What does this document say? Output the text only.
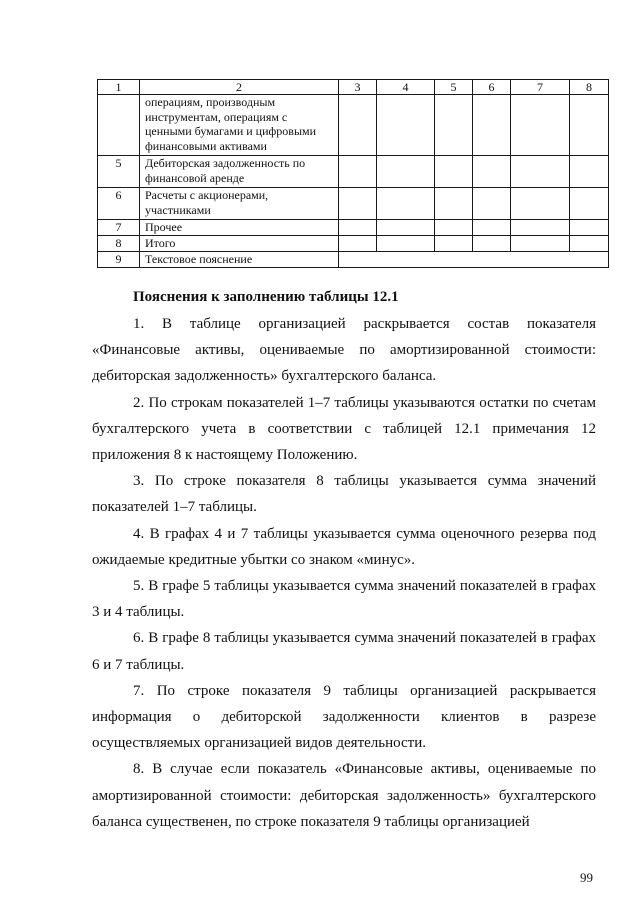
1	2	3	4	5	6	7	8
	операциям, производным инструментам, операциям с ценными бумагами и цифровыми финансовыми активами						
5	Дебиторская задолженность по финансовой аренде						
6	Расчеты с акционерами, участниками						
7	Прочее						
8	Итого						
9	Текстовое пояснение						
Пояснения к заполнению таблицы 12.1

1. В таблице организацией раскрывается состав показателя «Финансовые активы, оцениваемые по амортизированной стоимости: дебиторская задолженность» бухгалтерского баланса.

2. По строкам показателей 1–7 таблицы указываются остатки по счетам бухгалтерского учета в соответствии с таблицей 12.1 примечания 12 приложения 8 к настоящему Положению.

3. По строке показателя 8 таблицы указывается сумма значений показателей 1–7 таблицы.

4. В графах 4 и 7 таблицы указывается сумма оценочного резерва под ожидаемые кредитные убытки со знаком «минус».

5. В графе 5 таблицы указывается сумма значений показателей в графах 3 и 4 таблицы.

6. В графе 8 таблицы указывается сумма значений показателей в графах 6 и 7 таблицы.

7. По строке показателя 9 таблицы организацией раскрывается информация о дебиторской задолженности клиентов в разрезе осуществляемых организацией видов деятельности.

8. В случае если показатель «Финансовые активы, оцениваемые по амортизированной стоимости: дебиторская задолженность» бухгалтерского баланса существенен, по строке показателя 9 таблицы организацией

99
